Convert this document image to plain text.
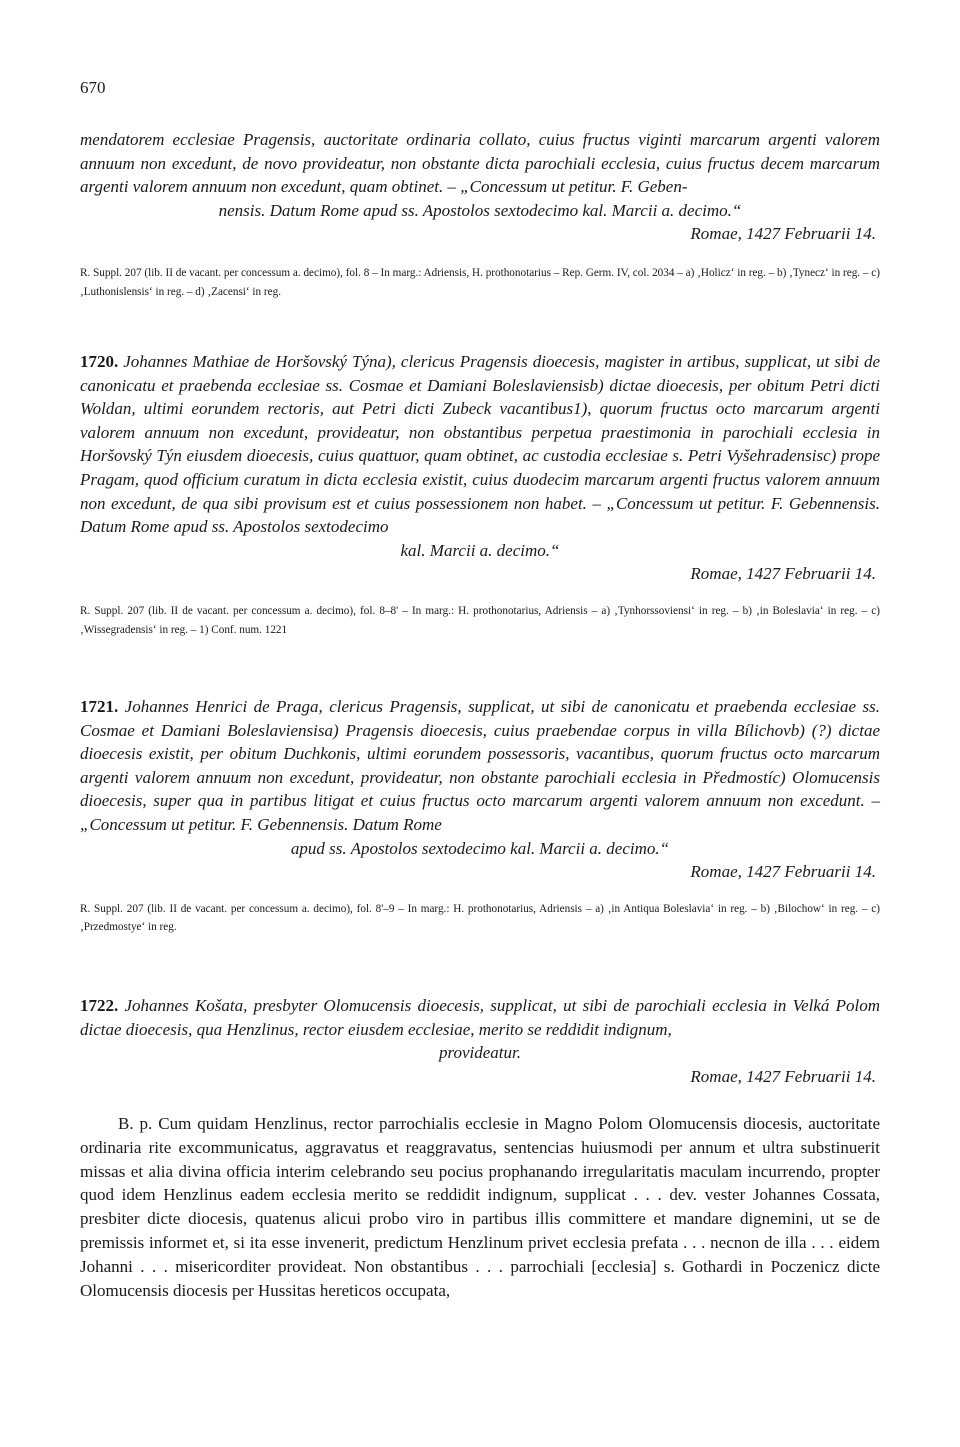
670
mendatorem ecclesiae Pragensis, auctoritate ordinaria collato, cuius fructus viginti marcarum argenti valorem annuum non excedunt, de novo provideatur, non obstante dicta parochiali ecclesia, cuius fructus decem marcarum argenti valorem annuum non excedunt, quam obtinet. – „Concessum ut petitur. F. Geben-
nensis. Datum Rome apud ss. Apostolos sextodecimo kal. Marcii a. decimo.“
Romae, 1427 Februarii 14.
R. Suppl. 207 (lib. II de vacant. per concessum a. decimo), fol. 8 – In marg.: Adriensis, H. prothonotarius – Rep. Germ. IV, col. 2034 – a) ‚Holicz‘ in reg. – b) ‚Tynecz‘ in reg. – c) ‚Luthonislensis‘ in reg. – d) ‚Zacensi‘ in reg.
1720. Johannes Mathiae de Horšovský Týna), clericus Pragensis dioecesis, magister in artibus, supplicat, ut sibi de canonicatu et praebenda ecclesiae ss. Cosmae et Damiani Boleslaviensisb) dictae dioecesis, per obitum Petri dicti Woldan, ultimi eorundem rectoris, aut Petri dicti Zubeck vacantibus1), quorum fructus octo marcarum argenti valorem annuum non excedunt, provideatur, non obstantibus perpetua praestimonia in parochiali ecclesia in Horšovský Týn eiusdem dioecesis, cuius quattuor, quam obtinet, ac custodia ecclesiae s. Petri Vyšehradensisc) prope Pragam, quod officium curatum in dicta ecclesia existit, cuius duodecim marcarum argenti fructus valorem annuum non excedunt, de qua sibi provisum est et cuius possessionem non habet. – „Concessum ut petitur. F. Gebennensis. Datum Rome apud ss. Apostolos sextodecimo
kal. Marcii a. decimo.“
Romae, 1427 Februarii 14.
R. Suppl. 207 (lib. II de vacant. per concessum a. decimo), fol. 8–8' – In marg.: H. prothonotarius, Adriensis – a) ‚Tynhorssoviensi‘ in reg. – b) ‚in Boleslavia‘ in reg. – c) ‚Wissegradensis‘ in reg. – 1) Conf. num. 1221
1721. Johannes Henrici de Praga, clericus Pragensis, supplicat, ut sibi de canonicatu et praebenda ecclesiae ss. Cosmae et Damiani Boleslaviensisa) Pragensis dioecesis, cuius praebendae corpus in villa Bílichovb) (?) dictae dioecesis existit, per obitum Duchkonis, ultimi eorundem possessoris, vacantibus, quorum fructus octo marcarum argenti valorem annuum non excedunt, provideatur, non obstante parochiali ecclesia in Předmostíc) Olomucensis dioecesis, super qua in partibus litigat et cuius fructus octo marcarum argenti valorem annuum non excedunt. – „Concessum ut petitur. F. Gebennensis. Datum Rome
apud ss. Apostolos sextodecimo kal. Marcii a. decimo.“
Romae, 1427 Februarii 14.
R. Suppl. 207 (lib. II de vacant. per concessum a. decimo), fol. 8'–9 – In marg.: H. prothonotarius, Adriensis – a) ‚in Antiqua Boleslavia‘ in reg. – b) ‚Bilochow‘ in reg. – c) ‚Przedmostye‘ in reg.
1722. Johannes Košata, presbyter Olomucensis dioecesis, supplicat, ut sibi de parochiali ecclesia in Velká Polom dictae dioecesis, qua Henzlinus, rector eiusdem ecclesiae, merito se reddidit indignum,
provideatur.
Romae, 1427 Februarii 14.
B. p. Cum quidam Henzlinus, rector parrochialis ecclesie in Magno Polom Olomucensis diocesis, auctoritate ordinaria rite excommunicatus, aggravatus et reaggravatus, sentencias huiusmodi per annum et ultra substinuerit missas et alia divina officia interim celebrando seu pocius prophanando irregularitatis maculam incurrendo, propter quod idem Henzlinus eadem ecclesia merito se reddidit indignum, supplicat . . . dev. vester Johannes Cossata, presbiter dicte diocesis, quatenus alicui probo viro in partibus illis committere et mandare dignemini, ut se de premissis informet et, si ita esse invenerit, predictum Henzlinum privet ecclesia prefata . . . necnon de illa . . . eidem Johanni . . . misericorditer provideat. Non obstantibus . . . parrochiali [ecclesia] s. Gothardi in Poczenicz dicte Olomucensis diocesis per Hussitas hereticos occupata,
